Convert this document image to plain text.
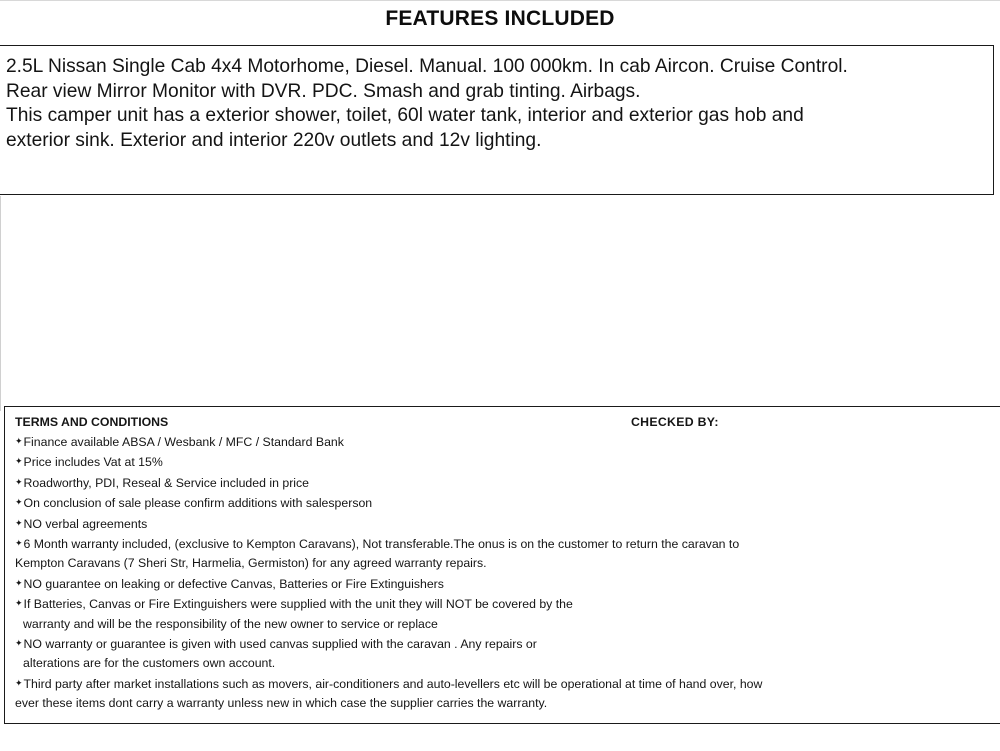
FEATURES INCLUDED

2.5L Nissan Single Cab 4x4 Motorhome, Diesel. Manual. 100 000km. In cab Aircon. Cruise Control.

Rear view Mirror Monitor with DVR. PDC. Smash and grab tinting. Airbags.

This camper unit has a exterior shower, toilet, 60l water tank, interior and exterior gas hob and

exterior sink. Exterior and interior 220v outlets and 12v lighting.

TERMS AND CONDITIONS	CHECKED BY:

✦Finance available ABSA / Wesbank / MFC / Standard Bank

✦Price includes Vat at 15%

✦Roadworthy, PDI, Reseal & Service included in price

✦On conclusion of sale please confirm additions with salesperson

✦NO verbal agreements

✦6 Month warranty included, (exclusive to Kempton Caravans), Not transferable.The onus is on the customer to return the caravan to

Kempton Caravans (7 Sheri Str, Harmelia, Germiston) for any agreed warranty repairs.

✦NO guarantee on leaking or defective Canvas, Batteries or Fire Extinguishers

✦If Batteries, Canvas or Fire Extinguishers were supplied with the unit they will NOT be covered by the

warranty and will be the responsibility of the new owner to service or replace

✦NO warranty or guarantee is given with used canvas supplied with the caravan . Any repairs or

alterations are for the customers own account.

✦Third party after market installations such as movers, air-conditioners and auto-levellers etc will be operational at time of hand over, how

ever these items dont carry a warranty unless new in which case the supplier carries the warranty.
